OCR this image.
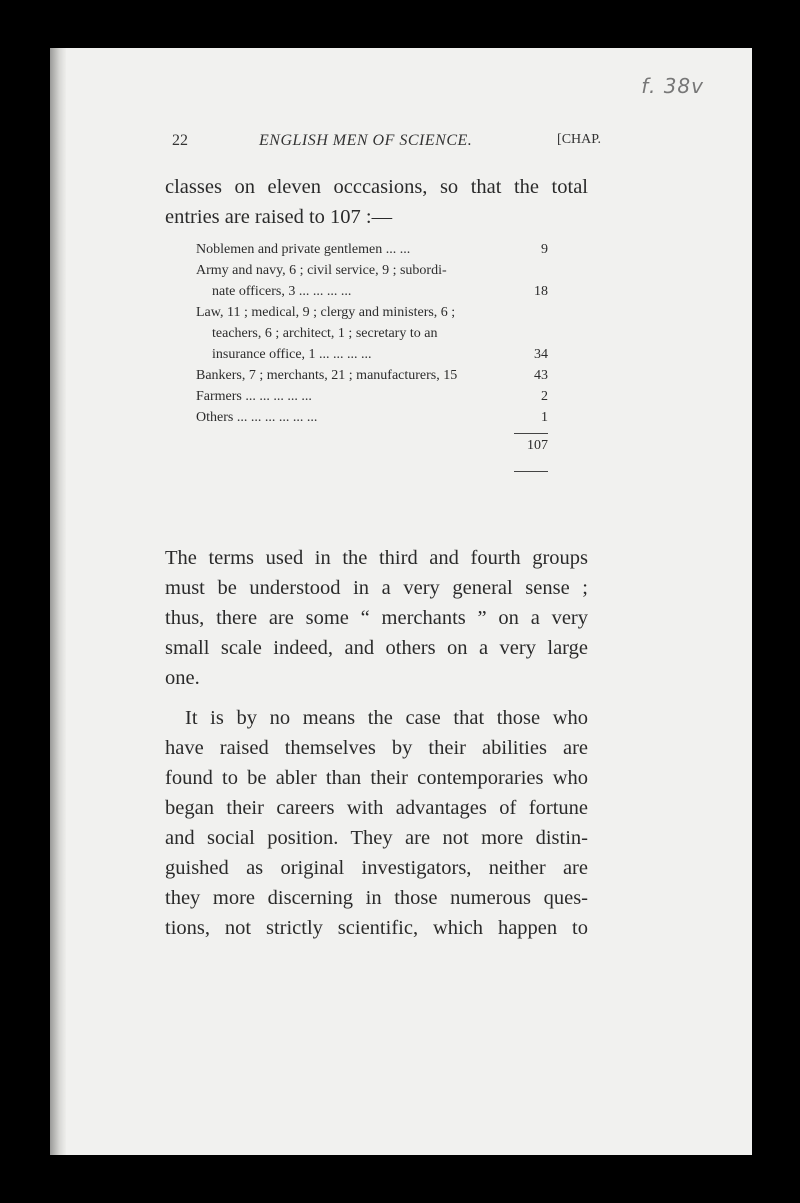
f. 38v
22	ENGLISH MEN OF SCIENCE.	[CHAP.

classes on eleven occcasions, so that the total
entries are raised to 107 :—

Noblemen and private gentlemen ... ...	9
Army and navy, 6 ; civil service, 9 ; subordi-
nate officers, 3 ... ... ... ...	18
Law, 11 ; medical, 9 ; clergy and ministers, 6 ;
teachers, 6 ; architect, 1 ; secretary to an
insurance office, 1 ... ... ... ...	34
Bankers, 7 ; merchants, 21 ; manufacturers, 15	43
Farmers ... ... ... ... ...	2
Others ... ... ... ... ... ...	1
107

The terms used in the third and fourth groups
must be understood in a very general sense ;
thus, there are some “ merchants ” on a very
small scale indeed, and others on a very large
one.

It is by no means the case that those who
have raised themselves by their abilities are
found to be abler than their contemporaries who
began their careers with advantages of fortune
and social position. They are not more distin-
guished as original investigators, neither are
they more discerning in those numerous ques-
tions, not strictly scientific, which happen to
